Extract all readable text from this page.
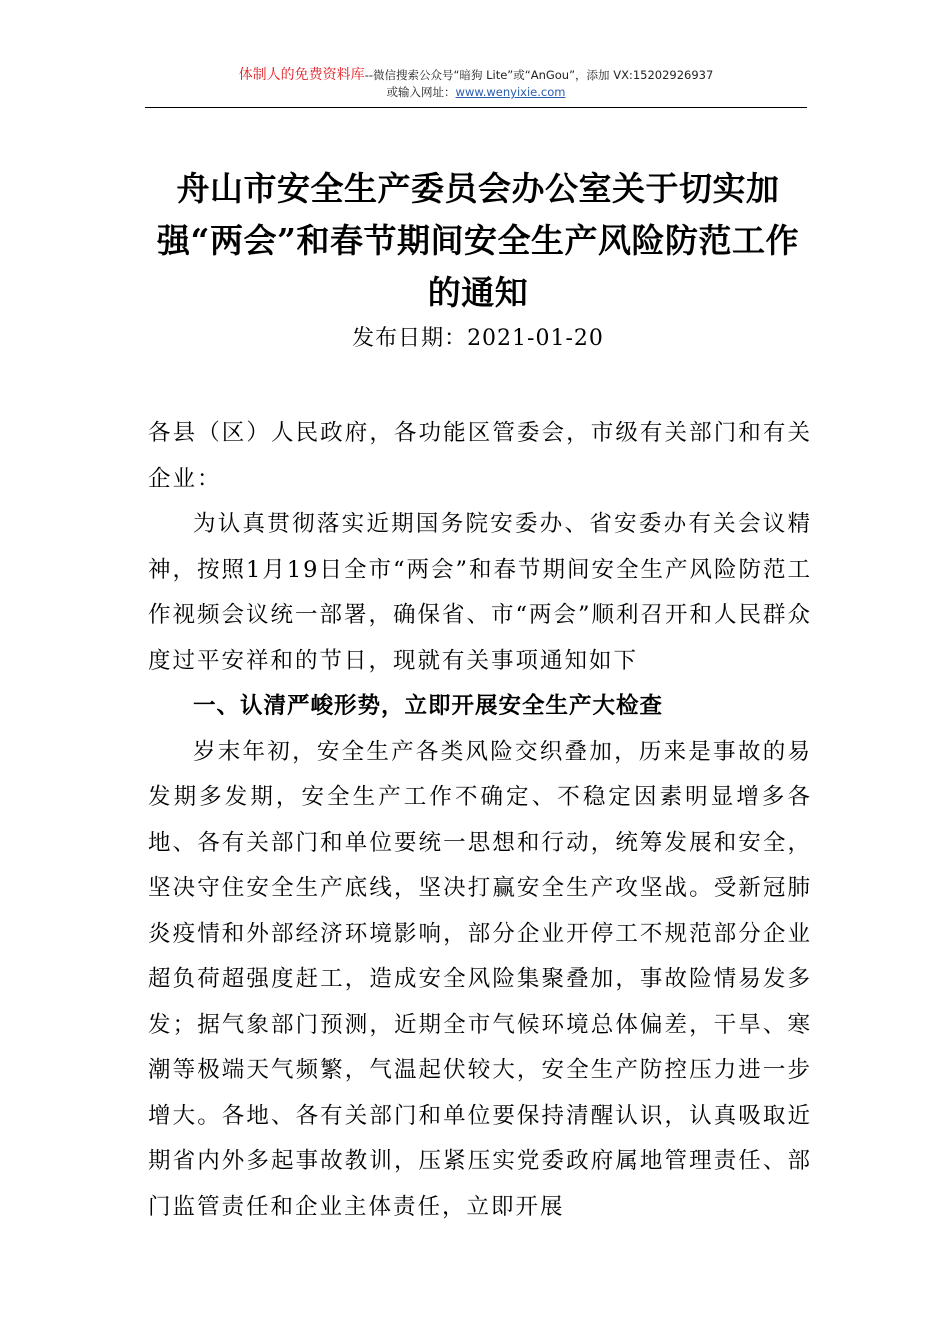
体制人的免费资料库--微信搜索公众号“暗狗 Lite”或“AnGou”，添加 VX:15202926937
或输入网址：www.wenyixie.com
舟山市安全生产委员会办公室关于切实加强“两会”和春节期间安全生产风险防范工作的通知
发布日期：2021-01-20

各县（区）人民政府，各功能区管委会，市级有关部门和有关企业：

为认真贯彻落实近期国务院安委办、省安委办有关会议精神，按照1月19日全市“两会”和春节期间安全生产风险防范工作视频会议统一部署，确保省、市“两会”顺利召开和人民群众度过平安祥和的节日，现就有关事项通知如下

一、认清严峻形势，立即开展安全生产大检查

岁末年初，安全生产各类风险交织叠加，历来是事故的易发期多发期，安全生产工作不确定、不稳定因素明显增多各地、各有关部门和单位要统一思想和行动，统筹发展和安全，坚决守住安全生产底线，坚决打赢安全生产攻坚战。受新冠肺炎疫情和外部经济环境影响，部分企业开停工不规范部分企业超负荷超强度赶工，造成安全风险集聚叠加，事故险情易发多发；据气象部门预测，近期全市气候环境总体偏差，干旱、寒潮等极端天气频繁，气温起伏较大，安全生产防控压力进一步增大。各地、各有关部门和单位要保持清醒认识，认真吸取近期省内外多起事故教训，压紧压实党委政府属地管理责任、部门监管责任和企业主体责任，立即开展
